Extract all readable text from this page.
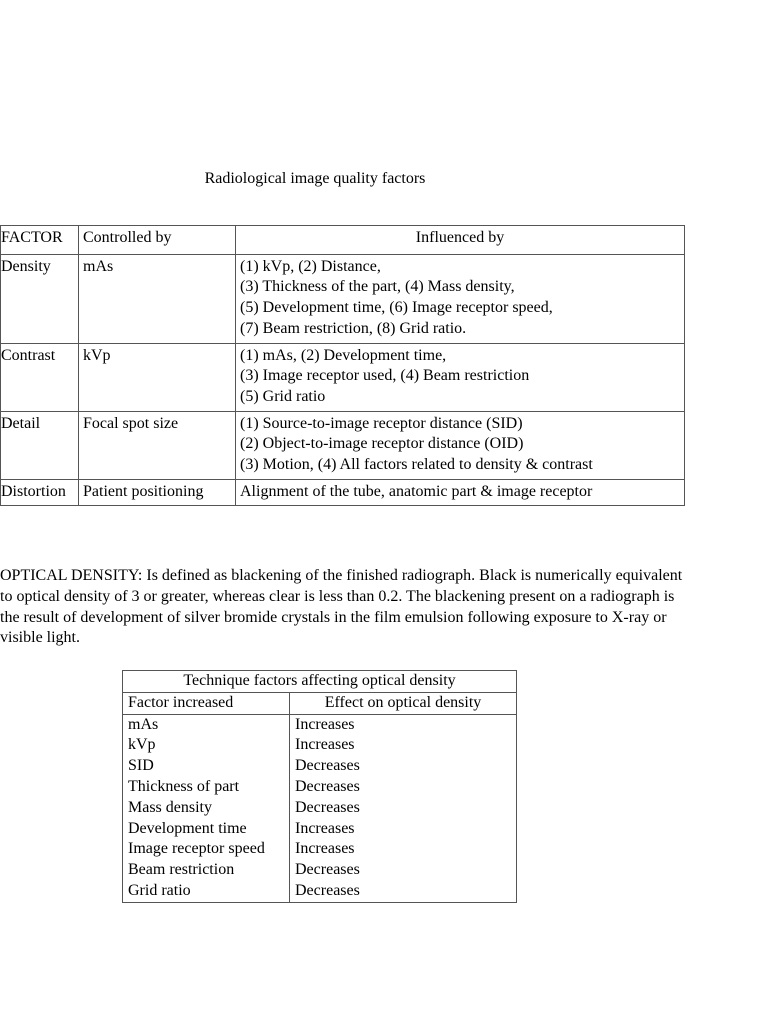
Radiological image quality factors
FACTOR	Controlled by	Influenced by
Density	mAs	(1) kVp, (2) Distance,
(3) Thickness of the part, (4) Mass density,
(5) Development time, (6) Image receptor speed,
(7) Beam restriction, (8) Grid ratio.

Contrast	kVp	(1) mAs, (2) Development time,
(3) Image receptor used, (4) Beam restriction
(5) Grid ratio

Detail	Focal spot size	(1) Source-to-image receptor distance (SID)
(2) Object-to-image receptor distance (OID)
(3) Motion, (4) All factors related to density & contrast

Distortion	Patient positioning	Alignment of the tube, anatomic part & image receptor
OPTICAL DENSITY: Is defined as blackening of the finished radiograph. Black is numerically equivalent to optical density of 3 or greater, whereas clear is less than 0.2. The blackening present on a radiograph is the result of development of silver bromide crystals in the film emulsion following exposure to X-ray or visible light.
Technique factors affecting optical density	
Factor increased	Effect on optical density
mAs	Increases
kVp	Increases
SID	Decreases
Thickness of part	Decreases
Mass density	Decreases
Development time	Increases
Image receptor speed	Increases
Beam restriction	Decreases
Grid ratio	Decreases
